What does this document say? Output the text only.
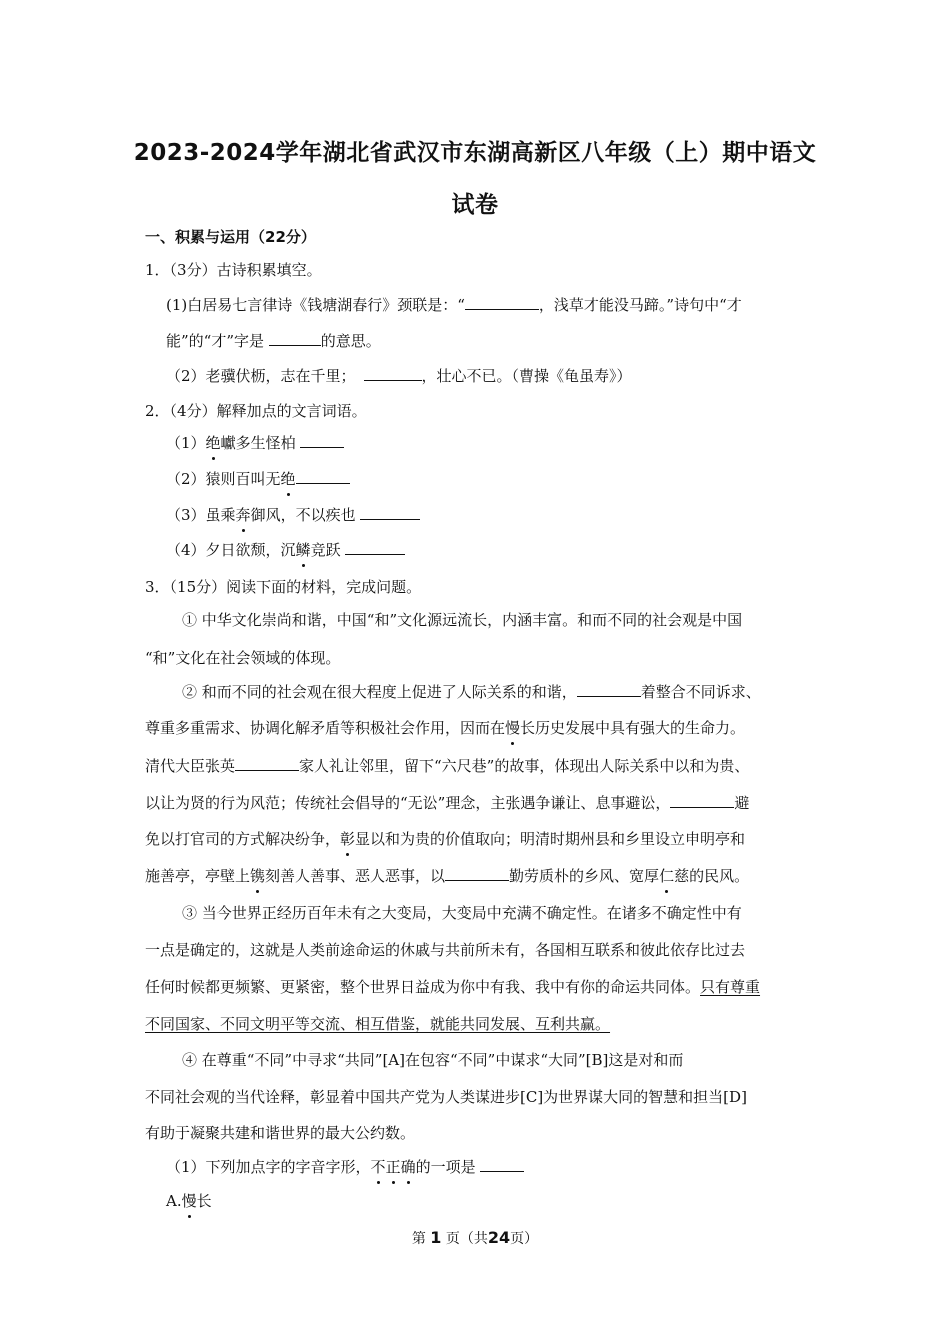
2023-2024学年湖北省武汉市东湖高新区八年级（上）期中语文
试卷
一、积累与运用（22分）
1．（3分）古诗积累填空。
(1)白居易七言律诗《钱塘湖春行》颈联是：“	，浅草才能没马蹄。”诗句中“才
能”的“才”字是	的意思。
（2）老骥伏枥，志在千里；	，壮心不已。（曹操《龟虽寿》）
2．（4分）解释加点的文言词语。
（1）绝巘多生怪柏
（2）猿则百叫无绝
（3）虽乘奔御风，不以疾也
（4）夕日欲颓，沉鳞竞跃
3．（15分）阅读下面的材料，完成问题。
① 中华文化崇尚和谐，中国“和”文化源远流长，内涵丰富。和而不同的社会观是中国
“和”文化在社会领域的体现。
② 和而不同的社会观在很大程度上促进了人际关系的和谐，	着整合不同诉求、
尊重多重需求、协调化解矛盾等积极社会作用，因而在慢长历史发展中具有强大的生命力。
清代大臣张英	家人礼让邻里，留下“六尺巷”的故事，体现出人际关系中以和为贵、
以让为贤的行为风范；传统社会倡导的“无讼”理念，主张遇争谦让、息事避讼，	避
免以打官司的方式解决纷争，彰显以和为贵的价值取向；明清时期州县和乡里设立申明亭和
施善亭，亭壁上镌刻善人善事、恶人恶事，以	勤劳质朴的乡风、宽厚仁慈的民风。
③ 当今世界正经历百年未有之大变局，大变局中充满不确定性。在诸多不确定性中有
一点是确定的，这就是人类前途命运的休戚与共前所未有，各国相互联系和彼此依存比过去
任何时候都更频繁、更紧密，整个世界日益成为你中有我、我中有你的命运共同体。只有尊重
不同国家、不同文明平等交流、相互借鉴，就能共同发展、互利共赢。
④ 在尊重“不同”中寻求“共同”[A]在包容“不同”中谋求“大同”[B]这是对和而
不同社会观的当代诠释，彰显着中国共产党为人类谋进步[C]为世界谋大同的智慧和担当[D]
有助于凝聚共建和谐世界的最大公约数。
（1）下列加点字的字音字形，不正确的一项是
A.慢长
第 1 页（共24页）
